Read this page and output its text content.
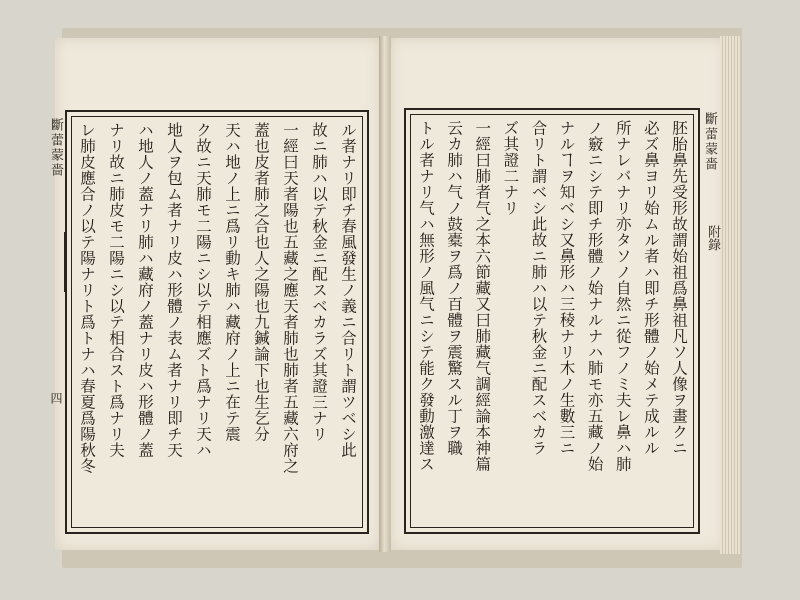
斷蕾蒙嗇
附錄
斷蕾蒙嗇
四	胚胎鼻先受形故謂始祖爲鼻祖凡ソ人像ヲ畫クニ
必ズ鼻ヨリ始ムル者ハ即チ形體ノ始メテ成ルル
所ナレバナリ亦タソノ自然ニ從フノミ夫レ鼻ハ肺
ノ竅ニシテ即チ形體ノ始ナルナハ肺モ亦五藏ノ始
ナルヿヲ知ベシ又鼻形ハ三稜ナリ木ノ生數三ニ
合リト謂ベシ此故ニ肺ハ以テ秋金ニ配スベカラ
ズ其證二ナリ
一經曰肺者气之本六節藏又曰肺藏气調經論本神篇
云カ肺ハ气ノ鼓橐ヲ爲ノ百體ヲ震驚スル丁ヲ職
トル者ナリ气ハ無形ノ風气ニシテ能ク發動激達ス
ル者ナリ即チ春風發生ノ義ニ合リト謂ツベシ此
故ニ肺ハ以テ秋金ニ配スベカラズ其證三ナリ
一經曰天者陽也五藏之應天者肺也肺者五藏六府之
蓋也皮者肺之合也人之陽也九鍼論下也生乞分
天ハ地ノ上ニ爲リ動キ肺ハ藏府ノ上ニ在テ震
ク故ニ天肺モ二陽ニシ以テ相應ズト爲ナリ天ハ
地人ヲ包ム者ナリ皮ハ形體ノ表ム者ナリ即チ天
ハ地人ノ蓋ナリ肺ハ藏府ノ蓋ナリ皮ハ形體ノ蓋
ナリ故ニ肺皮モ二陽ニシ以テ相合スト爲ナリ夫
レ肺皮應合ノ以テ陽ナリト爲トナハ春夏爲陽秋冬
